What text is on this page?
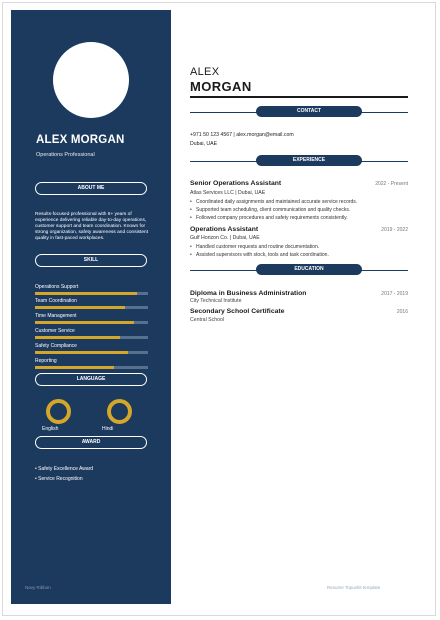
ALEX MORGAN
Operations Professional
ABOUT ME
Results-focused professional with 6+ years of experience delivering reliable day-to-day operations, customer support and team coordination. Known for strong organization, safety awareness and consistent quality in fast-paced workplaces.
SKILL
Operations Support
Team Coordination
Time Management
Customer Service
Safety Compliance
Reporting
LANGUAGE
English	Hindi
AWARD
• Safety Excellence Award
• Service Recognition
Navy Ribbon
ALEX
MORGAN
CONTACT
+971 50 123 4567 | alex.morgan@email.com
Dubai, UAE
EXPERIENCE
Senior Operations Assistant	2022 - Present
Atlas Services LLC | Dubai, UAE
• Coordinated daily assignments and maintained accurate service records.
• Supported team scheduling, client communication and quality checks.
• Followed company procedures and safety requirements consistently.
Operations Assistant	2019 - 2022
Gulf Horizon Co. | Dubai, UAE
• Handled customer requests and routine documentation.
• Assisted supervisors with stock, tools and task coordination.
EDUCATION
Diploma in Business Administration	2017 - 2019
City Technical Institute
Secondary School Certificate	2016
Central School
Resume Topushit template
